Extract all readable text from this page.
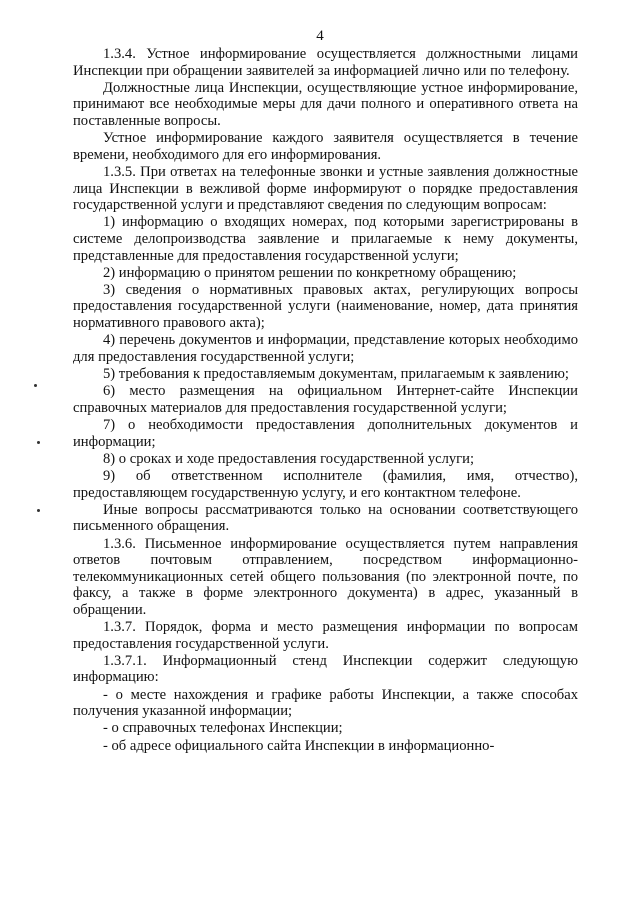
4

1.3.4. Устное информирование осуществляется должностными лицами Инспекции при обращении заявителей за информацией лично или по телефону.

Должностные лица Инспекции, осуществляющие устное информирование, принимают все необходимые меры для дачи полного и оперативного ответа на поставленные вопросы.

Устное информирование каждого заявителя осуществляется в течение времени, необходимого для его информирования.

1.3.5. При ответах на телефонные звонки и устные заявления должностные лица Инспекции в вежливой форме информируют о порядке предоставления государственной услуги и представляют сведения по следующим вопросам:

1) информацию о входящих номерах, под которыми зарегистрированы в системе делопроизводства заявление и прилагаемые к нему документы, представленные для предоставления государственной услуги;

2) информацию о принятом решении по конкретному обращению;

3) сведения о нормативных правовых актах, регулирующих вопросы предоставления государственной услуги (наименование, номер, дата принятия нормативного правового акта);

4) перечень документов и информации, представление которых необходимо для предоставления государственной услуги;

5) требования к предоставляемым документам, прилагаемым к заявлению;

6) место размещения на официальном Интернет-сайте Инспекции справочных материалов для предоставления государственной услуги;

7) о необходимости предоставления дополнительных документов и информации;

8) о сроках и ходе предоставления государственной услуги;

9) об ответственном исполнителе (фамилия, имя, отчество), предоставляющем государственную услугу, и его контактном телефоне.

Иные вопросы рассматриваются только на основании соответствующего письменного обращения.

1.3.6. Письменное информирование осуществляется путем направления ответов почтовым отправлением, посредством информационно-телекоммуникационных сетей общего пользования (по электронной почте, по факсу, а также в форме электронного документа) в адрес, указанный в обращении.

1.3.7. Порядок, форма и место размещения информации по вопросам предоставления государственной услуги.

1.3.7.1. Информационный стенд Инспекции содержит следующую информацию:

- о месте нахождения и графике работы Инспекции, а также способах получения указанной информации;

- о справочных телефонах Инспекции;

- об адресе официального сайта Инспекции в информационно-
